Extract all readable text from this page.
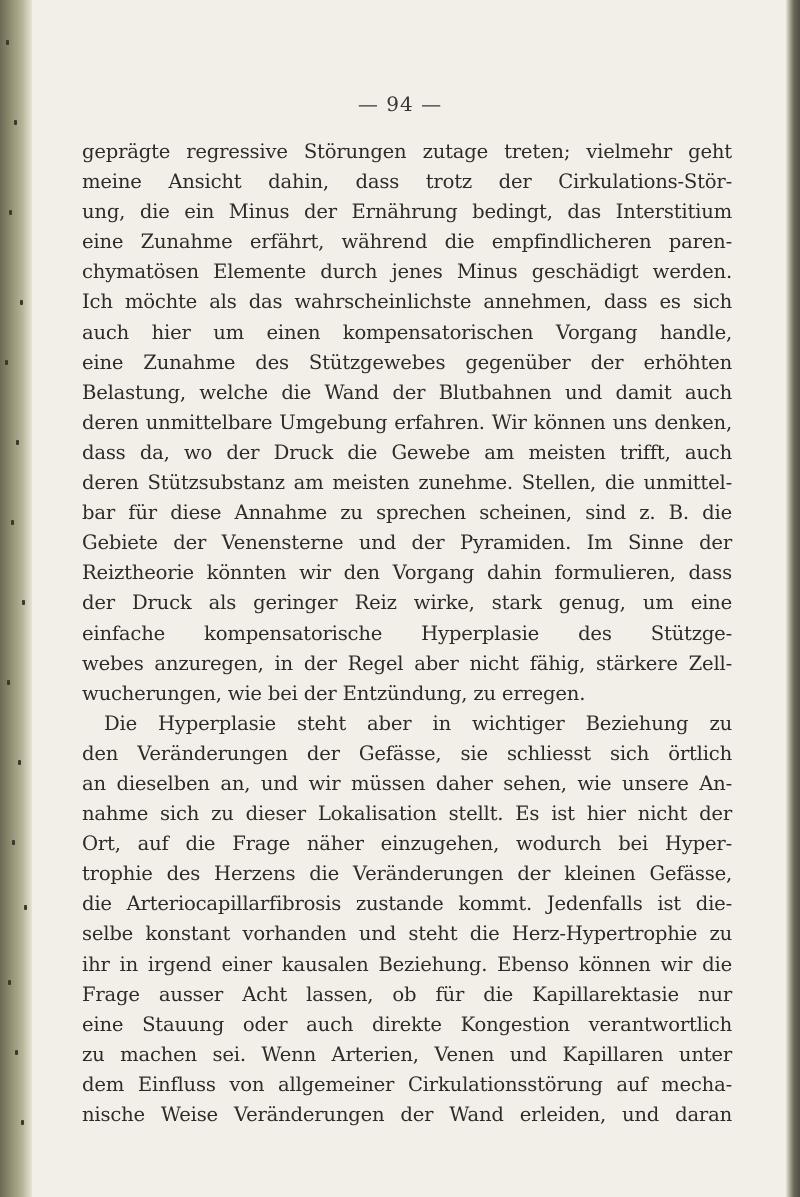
— 94 —
geprägte regressive Störungen zutage treten; vielmehr geht
meine Ansicht dahin, dass trotz der Cirkulations-Stör-
ung, die ein Minus der Ernährung bedingt, das Interstitium
eine Zunahme erfährt, während die empfindlicheren paren-
chymatösen Elemente durch jenes Minus geschädigt werden.
Ich möchte als das wahrscheinlichste annehmen, dass es sich
auch hier um einen kompensatorischen Vorgang handle,
eine Zunahme des Stützgewebes gegenüber der erhöhten
Belastung, welche die Wand der Blutbahnen und damit auch
deren unmittelbare Umgebung erfahren. Wir können uns denken,
dass da, wo der Druck die Gewebe am meisten trifft, auch
deren Stützsubstanz am meisten zunehme. Stellen, die unmittel-
bar für diese Annahme zu sprechen scheinen, sind z. B. die
Gebiete der Venensterne und der Pyramiden. Im Sinne der
Reiztheorie könnten wir den Vorgang dahin formulieren, dass
der Druck als geringer Reiz wirke, stark genug, um eine
einfache kompensatorische Hyperplasie des Stützge-
webes anzuregen, in der Regel aber nicht fähig, stärkere Zell-
wucherungen, wie bei der Entzündung, zu erregen.
Die Hyperplasie steht aber in wichtiger Beziehung zu
den Veränderungen der Gefässe, sie schliesst sich örtlich
an dieselben an, und wir müssen daher sehen, wie unsere An-
nahme sich zu dieser Lokalisation stellt. Es ist hier nicht der
Ort, auf die Frage näher einzugehen, wodurch bei Hyper-
trophie des Herzens die Veränderungen der kleinen Gefässe,
die Arteriocapillarfibrosis zustande kommt. Jedenfalls ist die-
selbe konstant vorhanden und steht die Herz-Hypertrophie zu
ihr in irgend einer kausalen Beziehung. Ebenso können wir die
Frage ausser Acht lassen, ob für die Kapillarektasie nur
eine Stauung oder auch direkte Kongestion verantwortlich
zu machen sei. Wenn Arterien, Venen und Kapillaren unter
dem Einfluss von allgemeiner Cirkulationsstörung auf mecha-
nische Weise Veränderungen der Wand erleiden, und daran
